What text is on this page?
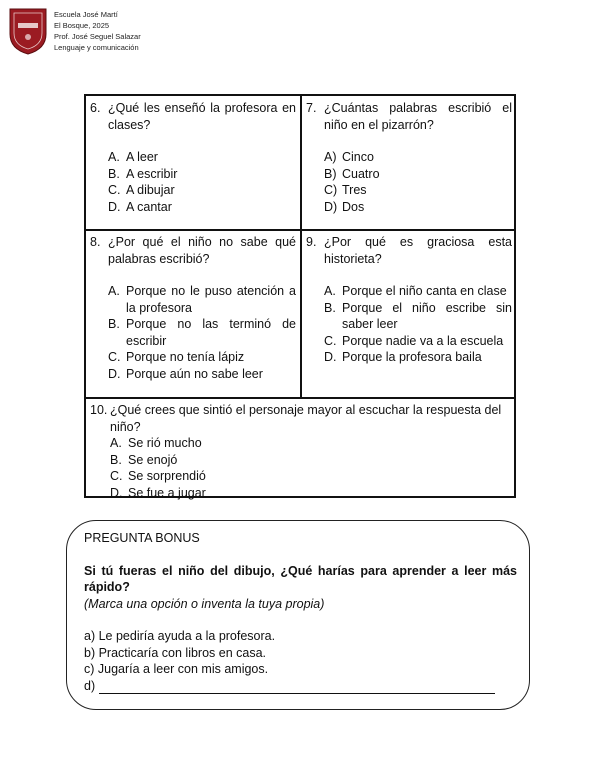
Escuela José Martí
El Bosque, 2025
Prof. José Seguel Salazar
Lenguaje y comunicación
6. ¿Qué les enseñó la profesora en clases?
A. A leer
B. A escribir
C. A dibujar
D. A cantar
7. ¿Cuántas palabras escribió el niño en el pizarrón?
A) Cinco
B) Cuatro
C) Tres
D) Dos
8. ¿Por qué el niño no sabe qué palabras escribió?
A. Porque no le puso atención a la profesora
B. Porque no las terminó de escribir
C. Porque no tenía lápiz
D. Porque aún no sabe leer
9. ¿Por qué es graciosa esta historieta?
A. Porque el niño canta en clase
B. Porque el niño escribe sin saber leer
C. Porque nadie va a la escuela
D. Porque la profesora baila
10. ¿Qué crees que sintió el personaje mayor al escuchar la respuesta del niño?
A. Se rió mucho
B. Se enojó
C. Se sorprendió
D. Se fue a jugar
PREGUNTA BONUS
Si tú fueras el niño del dibujo, ¿Qué harías para aprender a leer más rápido?
(Marca una opción o inventa la tuya propia)
a) Le pediría ayuda a la profesora.
b) Practicaría con libros en casa.
c) Jugaría a leer con mis amigos.
d)
